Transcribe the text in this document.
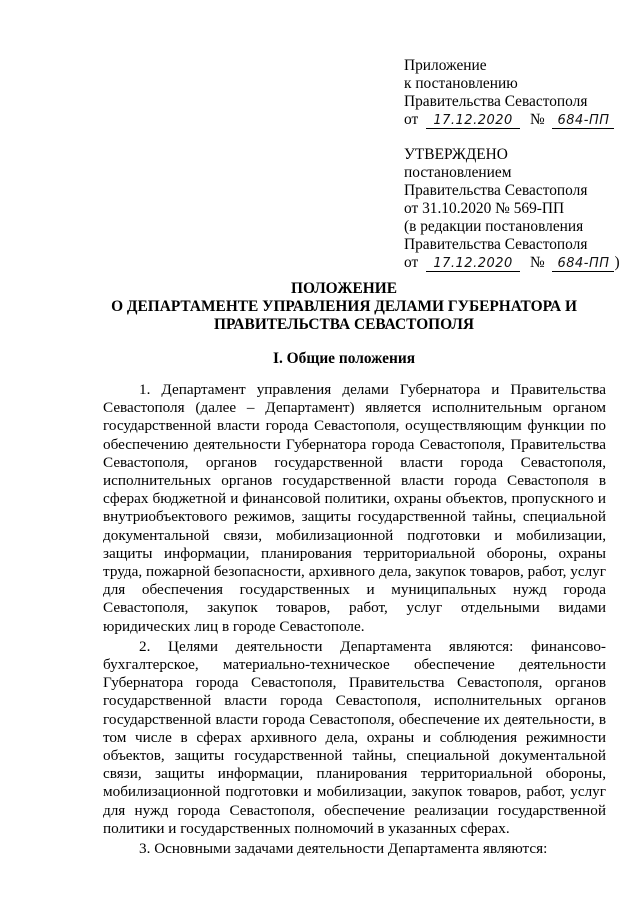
Приложение
к постановлению
Правительства Севастополя
от 17.12.2020 № 684-ПП
УТВЕРЖДЕНО
постановлением
Правительства Севастополя
от 31.10.2020 № 569-ПП
(в редакции постановления
Правительства Севастополя
от 17.12.2020 № 684-ПП )
ПОЛОЖЕНИЕ
О ДЕПАРТАМЕНТЕ УПРАВЛЕНИЯ ДЕЛАМИ ГУБЕРНАТОРА И
ПРАВИТЕЛЬСТВА СЕВАСТОПОЛЯ
I. Общие положения

1. Департамент управления делами Губернатора и Правительства Севастополя (далее – Департамент) является исполнительным органом государственной власти города Севастополя, осуществляющим функции по обеспечению деятельности Губернатора города Севастополя, Правительства Севастополя, органов государственной власти города Севастополя, исполнительных органов государственной власти города Севастополя в сферах бюджетной и финансовой политики, охраны объектов, пропускного и внутриобъектового режимов, защиты государственной тайны, специальной документальной связи, мобилизационной подготовки и мобилизации, защиты информации, планирования территориальной обороны, охраны труда, пожарной безопасности, архивного дела, закупок товаров, работ, услуг для обеспечения государственных и муниципальных нужд города Севастополя, закупок товаров, работ, услуг отдельными видами юридических лиц в городе Севастополе.

2. Целями деятельности Департамента являются: финансово-бухгалтерское, материально-техническое обеспечение деятельности Губернатора города Севастополя, Правительства Севастополя, органов государственной власти города Севастополя, исполнительных органов государственной власти города Севастополя, обеспечение их деятельности, в том числе в сферах архивного дела, охраны и соблюдения режимности объектов, защиты государственной тайны, специальной документальной связи, защиты информации, планирования территориальной обороны, мобилизационной подготовки и мобилизации, закупок товаров, работ, услуг для нужд города Севастополя, обеспечение реализации государственной политики и государственных полномочий в указанных сферах.

3. Основными задачами деятельности Департамента являются:
